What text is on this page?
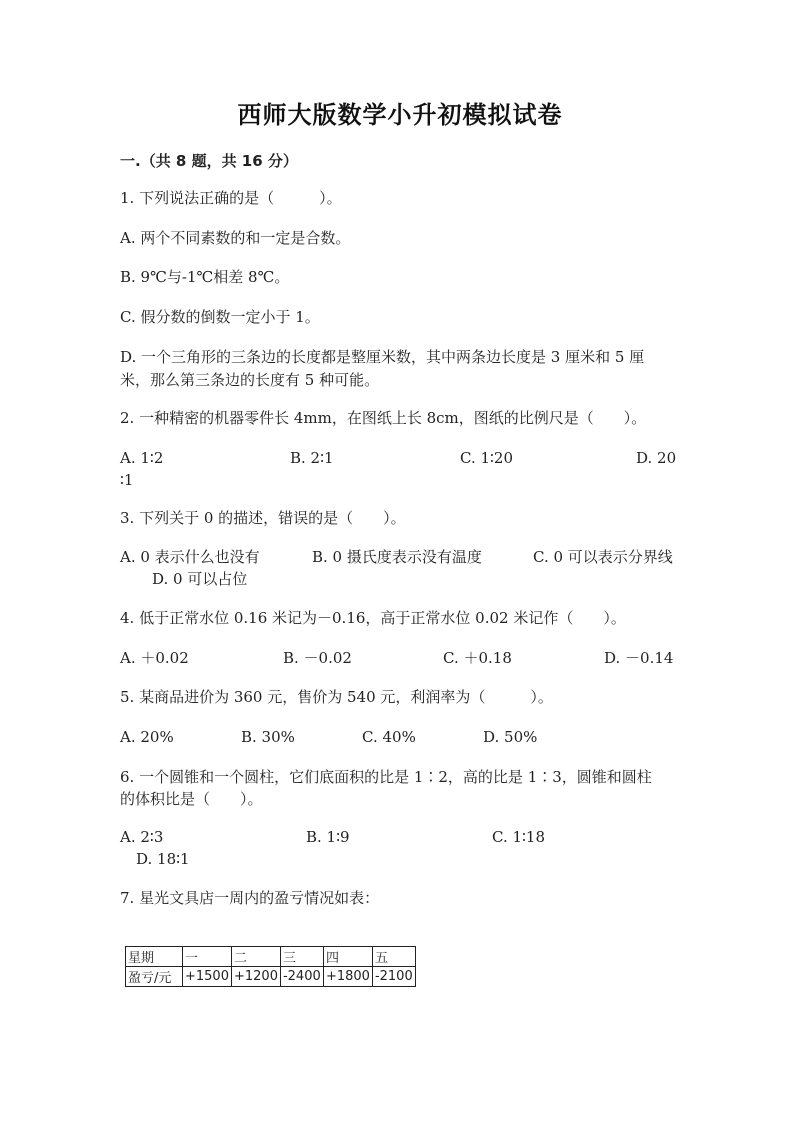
西师大版数学小升初模拟试卷
一.（共 8 题，共 16 分）
1. 下列说法正确的是（　　　）。
A. 两个不同素数的和一定是合数。
B. 9℃与-1℃相差 8℃。
C. 假分数的倒数一定小于 1。
D. 一个三角形的三条边的长度都是整厘米数，其中两条边长度是 3 厘米和 5 厘
米，那么第三条边的长度有 5 种可能。
2. 一种精密的机器零件长 4mm，在图纸上长 8cm，图纸的比例尺是（　　）。
A. 1∶2	B. 2∶1	C. 1∶20	D. 20
∶1
3. 下列关于 0 的描述，错误的是（　　）。
A. 0 表示什么也没有	B. 0 摄氏度表示没有温度	C. 0 可以表示分界线
D. 0 可以占位
4. 低于正常水位 0.16 米记为－0.16，高于正常水位 0.02 米记作（　　）。
A. ＋0.02	B. －0.02	C. ＋0.18	D. －0.14
5. 某商品进价为 360 元，售价为 540 元，利润率为（　　　）。
A. 20%	B. 30%	C. 40%	D. 50%
6. 一个圆锥和一个圆柱，它们底面积的比是 1∶2，高的比是 1∶3，圆锥和圆柱
的体积比是（　　）。
A. 2∶3	B. 1∶9	C. 1∶18
D. 18∶1
7. 星光文具店一周内的盈亏情况如表：
星期	一	二	三	四	五
盈亏/元	+1500	+1200	-2400	+1800	-2100
